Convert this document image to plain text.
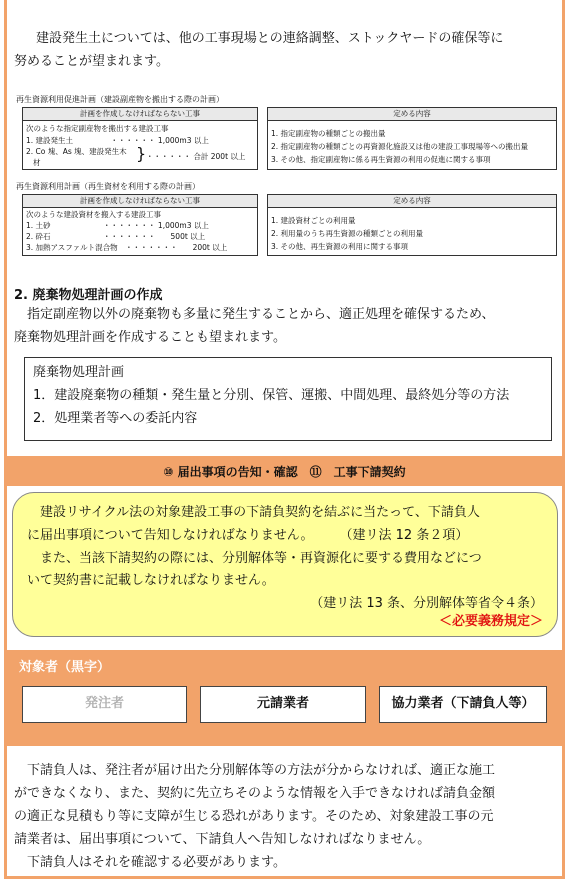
建設発生土については、他の工事現場との連絡調整、ストックヤードの確保等に
努めることが望まれます。
再生資源利用促進計画（建設副産物を搬出する際の計画）
計画を作成しなければならない工事
次のような指定副産物を搬出する建設工事
1. 建設発生土　　　　　・・・・・・ 1,000m3 以上
2. Co 塊、As 塊、建設発生木
材	} ・・・・・・ 合計 200t 以上
定める内容
1. 指定副産物の種類ごとの搬出量
2. 指定副産物の種類ごとの再資源化施設又は他の建設工事現場等への搬出量
3. その他、指定副産物に係る再生資源の利用の促進に関する事項
再生資源利用計画（再生資材を利用する際の計画）
計画を作成しなければならない工事
次のような建設資材を搬入する建設工事
1. 土砂　　　　　　　・・・・・・・ 1,000m3 以上
2. 砕石　　　　　　　・・・・・・・　　500t 以上
3. 加熱アスファルト混合物　・・・・・・・　　200t 以上
定める内容
1. 建設資材ごとの利用量
2. 利用量のうち再生資源の種類ごとの利用量
3. その他、再生資源の利用に関する事項
2. 廃棄物処理計画の作成
　指定副産物以外の廃棄物も多量に発生することから、適正処理を確保するため、
廃棄物処理計画を作成することも望まれます。
廃棄物処理計画
1．建設廃棄物の種類・発生量と分別、保管、運搬、中間処理、最終処分等の方法
2．処理業者等への委託内容
⑩ 届出事項の告知・確認　⑪　工事下請契約
　建設リサイクル法の対象建設工事の下請負契約を結ぶに当たって、下請負人
に届出事項について告知しなければなりません。　　　（建リ法 12 条２項）
　また、当該下請契約の際には、分別解体等・再資源化に要する費用などにつ
いて契約書に記載しなければなりません。
（建リ法 13 条、分別解体等省令４条）
＜必要義務規定＞
対象者（黒字）
発注者	元請業者	協力業者（下請負人等）
　下請負人は、発注者が届け出た分別解体等の方法が分からなければ、適正な施工
ができなくなり、また、契約に先立ちそのような情報を入手できなければ請負金額
の適正な見積もり等に支障が生じる恐れがあります。そのため、対象建設工事の元
請業者は、届出事項について、下請負人へ告知しなければなりません。
　下請負人はそれを確認する必要があります。
